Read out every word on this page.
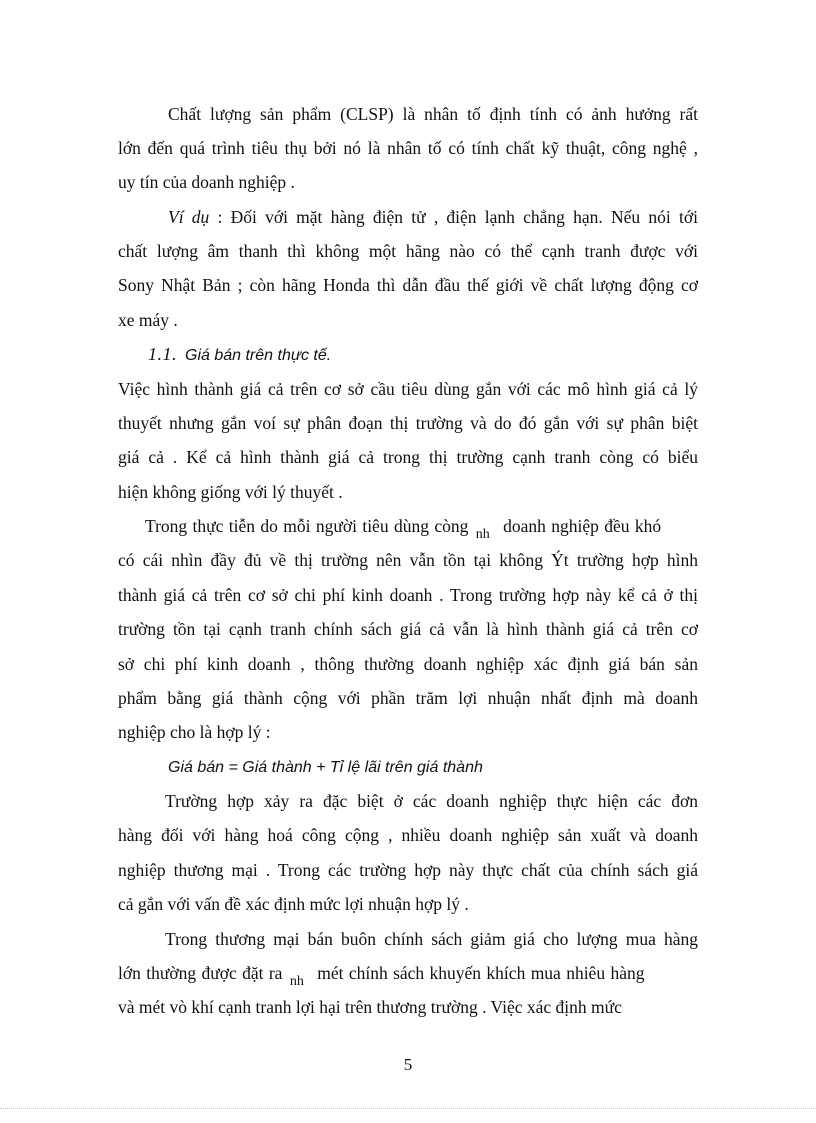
Chất lượng sản phẩm (CLSP) là nhân tố định tính có ảnh hưởng rất
lớn đến quá trình tiêu thụ bởi nó là nhân tố có tính chất kỹ thuật, công nghệ ,
uy tín của doanh nghiệp .
Ví dụ : Đối với mặt hàng điện tử , điện lạnh chẳng hạn. Nếu nói tới
chất lượng âm thanh thì không một hãng nào có thể cạnh tranh được với
Sony Nhật Bản ; còn hãng Honda thì dẫn đầu thế giới về chất lượng động cơ
xe máy .
1.1. Giá bán trên thực tế.
Việc hình thành giá cả trên cơ sở cầu tiêu dùng gắn với các mô hình giá cả lý
thuyết nhưng gắn voí sự phân đoạn thị trường và do đó gắn với sự phân biệt
giá cả . Kể cả hình thành giá cả trong thị trường cạnh tranh còng có biểu
hiện không giống với lý thuyết .
Trong thực tiễn do mỗi người tiêu dùng còng $_{nh}$ doanh nghiệp đều khó
có cái nhìn đầy đủ về thị trường nên vẫn tồn tại không Ýt trường hợp hình
thành giá cả trên cơ sở chi phí kinh doanh . Trong trường hợp này kể cả ở thị
trường tồn tại cạnh tranh chính sách giá cả vẫn là hình thành giá cả trên cơ
sở chi phí kinh doanh , thông thường doanh nghiệp xác định giá bán sản
phẩm bằng giá thành cộng với phần trăm lợi nhuận nhất định mà doanh
nghiệp cho là hợp lý :
Giá bán = Giá thành + Tỉ lệ lãi trên giá thành
Trường hợp xảy ra đặc biệt ở các doanh nghiệp thực hiện các đơn
hàng đối với hàng hoá công cộng , nhiều doanh nghiệp sản xuất và doanh
nghiệp thương mại . Trong các trường hợp này thực chất của chính sách giá
cả gắn với vấn đề xác định mức lợi nhuận hợp lý .
Trong thương mại bán buôn chính sách giảm giá cho lượng mua hàng
lớn thường được đặt ra $_{nh}$ mét chính sách khuyến khích mua nhiêu hàng
và mét vò khí cạnh tranh lợi hại trên thương trường . Việc xác định mức
5
